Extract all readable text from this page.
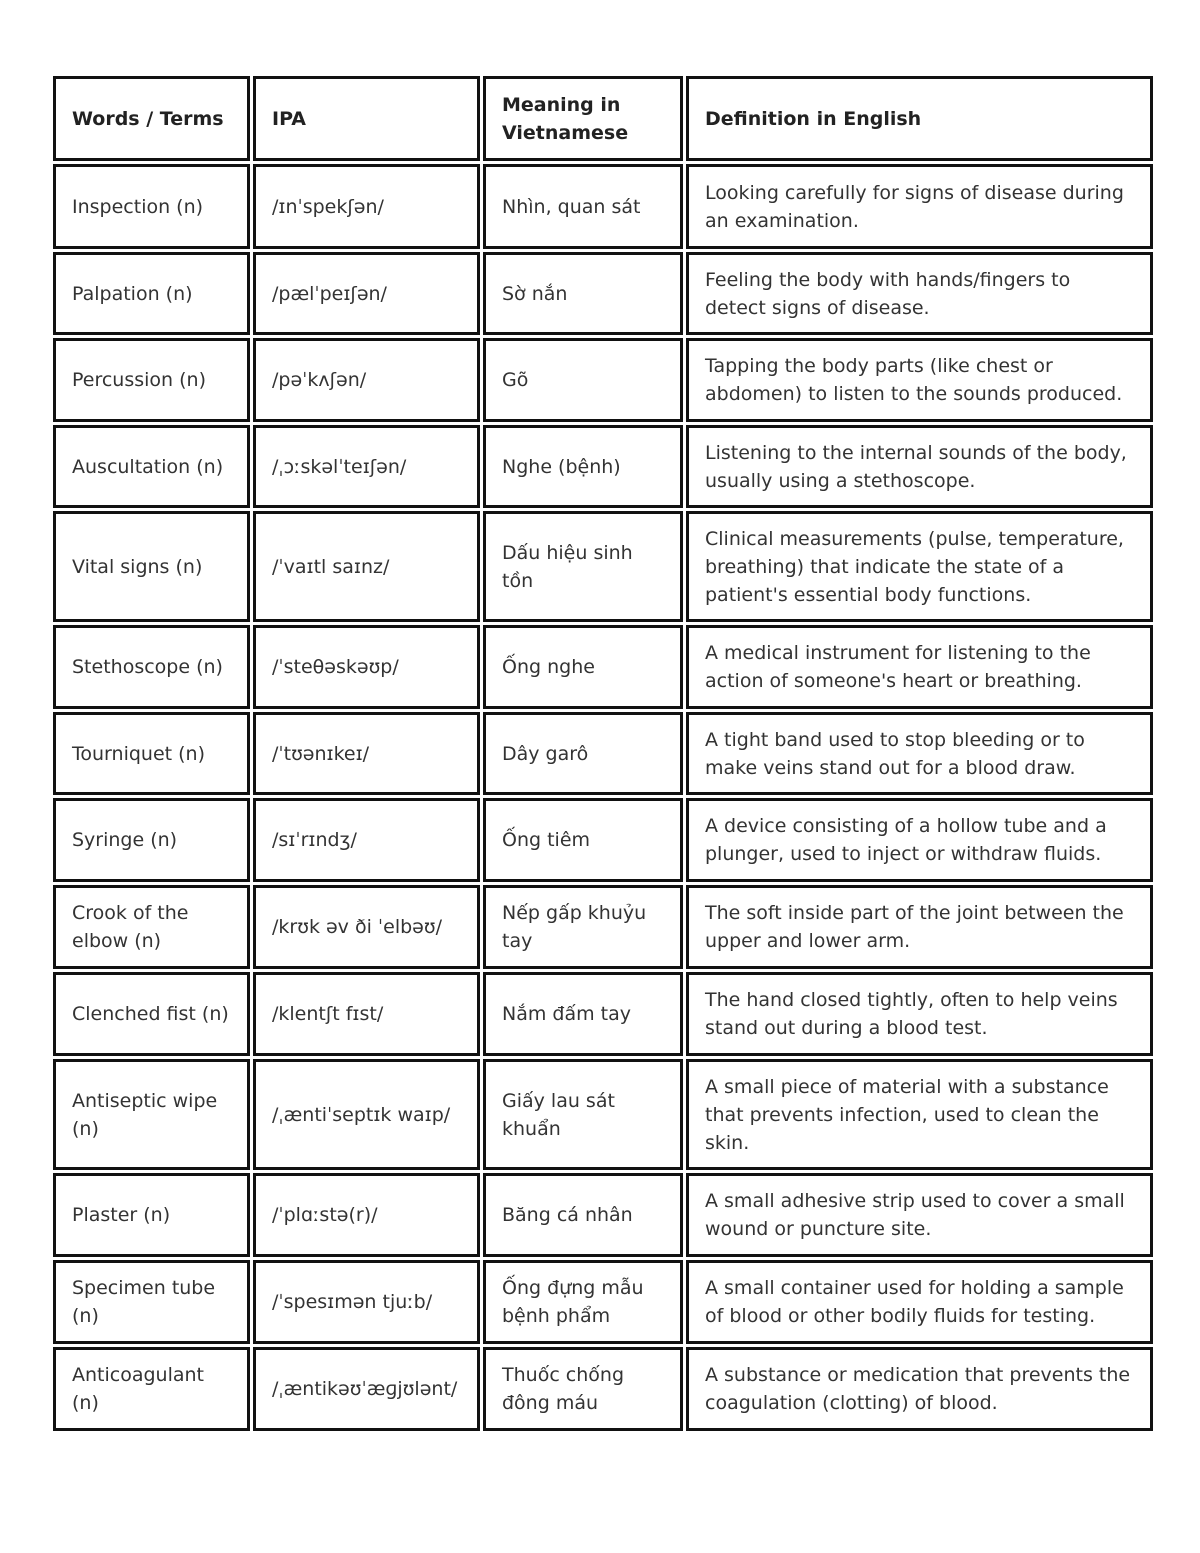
Words / Terms	IPA	Meaning in Vietnamese	Definition in English
Inspection (n)	/ɪnˈspekʃən/	Nhìn, quan sát	Looking carefully for signs of disease during an examination.
Palpation (n)	/pælˈpeɪʃən/	Sờ nắn	Feeling the body with hands/fingers to detect signs of disease.
Percussion (n)	/pəˈkʌʃən/	Gõ	Tapping the body parts (like chest or abdomen) to listen to the sounds produced.
Auscultation (n)	/ˌɔːskəlˈteɪʃən/	Nghe (bệnh)	Listening to the internal sounds of the body, usually using a stethoscope.
Vital signs (n)	/ˈvaɪtl saɪnz/	Dấu hiệu sinh tồn	Clinical measurements (pulse, temperature, breathing) that indicate the state of a patient's essential body functions.
Stethoscope (n)	/ˈsteθəskəʊp/	Ống nghe	A medical instrument for listening to the action of someone's heart or breathing.
Tourniquet (n)	/ˈtʊənɪkeɪ/	Dây garô	A tight band used to stop bleeding or to make veins stand out for a blood draw.
Syringe (n)	/sɪˈrɪndʒ/	Ống tiêm	A device consisting of a hollow tube and a plunger, used to inject or withdraw fluids.
Crook of the elbow (n)	/krʊk əv ði ˈelbəʊ/	Nếp gấp khuỷu tay	The soft inside part of the joint between the upper and lower arm.
Clenched fist (n)	/klentʃt fɪst/	Nắm đấm tay	The hand closed tightly, often to help veins stand out during a blood test.
Antiseptic wipe (n)	/ˌæntiˈseptɪk waɪp/	Giấy lau sát khuẩn	A small piece of material with a substance that prevents infection, used to clean the skin.
Plaster (n)	/ˈplɑːstə(r)/	Băng cá nhân	A small adhesive strip used to cover a small wound or puncture site.
Specimen tube (n)	/ˈspesɪmən tjuːb/	Ống đựng mẫu bệnh phẩm	A small container used for holding a sample of blood or other bodily fluids for testing.
Anticoagulant (n)	/ˌæntikəʊˈæɡjʊlənt/	Thuốc chống đông máu	A substance or medication that prevents the coagulation (clotting) of blood.
